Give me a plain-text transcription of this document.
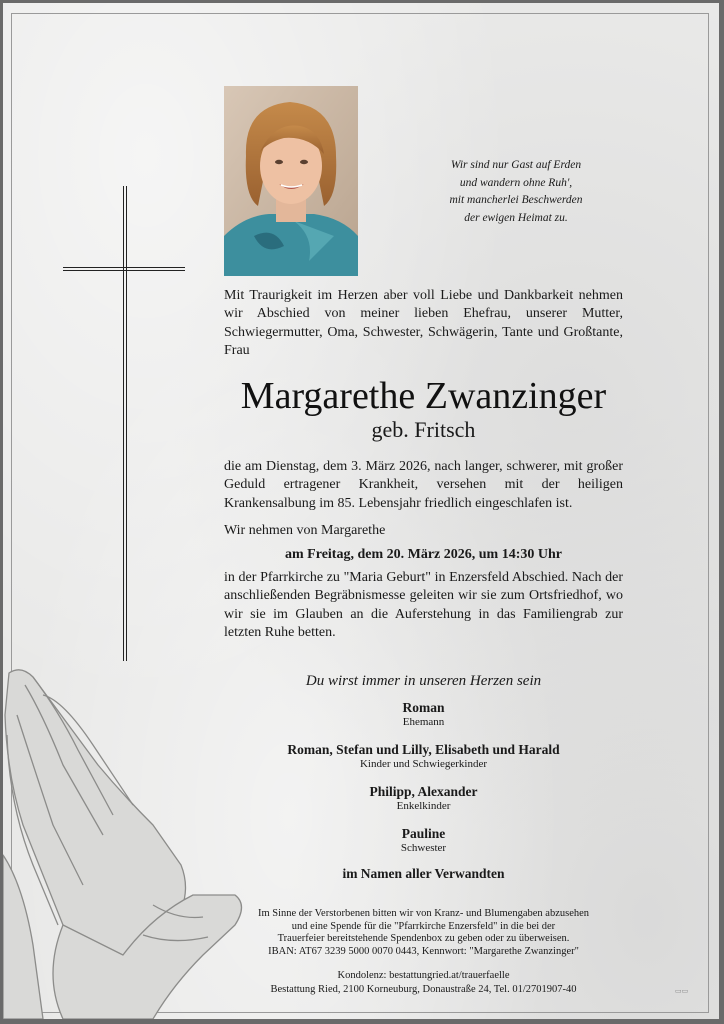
Wir sind nur Gast auf Erden
und wandern ohne Ruh',
mit mancherlei Beschwerden
der ewigen Heimat zu.
Mit Traurigkeit im Herzen aber voll Liebe und Dankbarkeit nehmen wir Abschied von meiner lieben Ehefrau, unserer Mutter, Schwiegermutter, Oma, Schwester, Schwägerin, Tante und Großtante, Frau
Margarethe Zwanzinger
geb. Fritsch
die am Dienstag, dem 3. März 2026, nach langer, schwerer, mit großer Geduld ertragener Krankheit, versehen mit der heiligen Krankensalbung im 85. Lebensjahr friedlich eingeschlafen ist.
Wir nehmen von Margarethe
am Freitag, dem 20. März 2026, um 14:30 Uhr
in der Pfarrkirche zu "Maria Geburt" in Enzersfeld Abschied. Nach der anschließenden Begräbnismesse geleiten wir sie zum Ortsfriedhof, wo wir sie im Glauben an die Auferstehung in das Familiengrab zur letzten Ruhe betten.
Du wirst immer in unseren Herzen sein
Roman
Ehemann
Roman, Stefan und Lilly, Elisabeth und Harald
Kinder und Schwiegerkinder
Philipp, Alexander
Enkelkinder
Pauline
Schwester
im Namen aller Verwandten
Im Sinne der Verstorbenen bitten wir von Kranz- und Blumengaben abzusehen
und eine Spende für die "Pfarrkirche Enzersfeld" in die bei der
Trauerfeier bereitstehende Spendenbox zu geben oder zu überweisen.
IBAN: AT67 3239 5000 0070 0443, Kennwort: "Margarethe Zwanzinger"
Kondolenz: bestattungried.at/trauerfaelle
Bestattung Ried, 2100 Korneuburg, Donaustraße 24, Tel. 01/2701907-40	▭▭
